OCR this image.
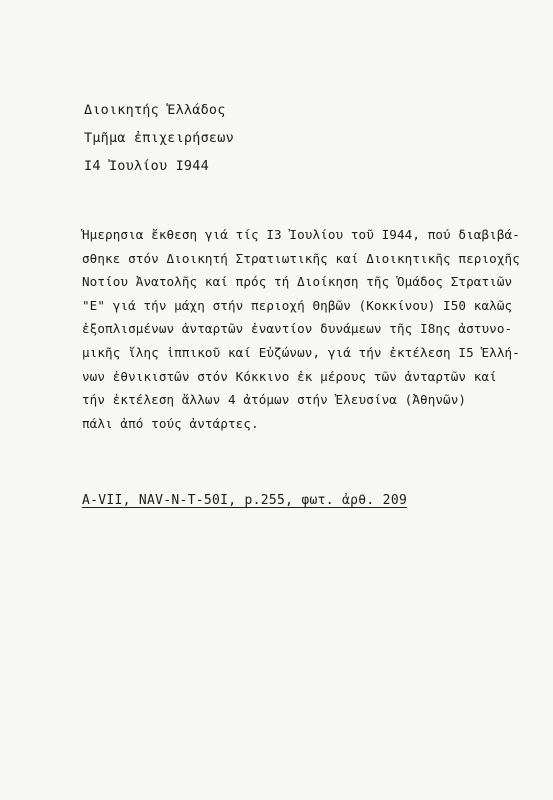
Διοικητής Ἑλλάδος
Τμῆμα ἐπιχειρήσεων
Ι4 Ἰουλίου Ι944
Ἡμερησια ἔκθεση γιά τίς Ι3 Ἰουλίου τοῦ Ι944, πού διαβιβά-
σθηκε στόν Διοικητή Στρατιωτικῆς καί Διοικητικῆς περιοχῆς
Νοτίου Ἀνατολῆς καί πρός τή Διοίκηση τῆς Ὁμάδος Στρατιῶν
"Ε" γιά τήν μάχη στήν περιοχή Θηβῶν (Κοκκίνου) Ι50 καλῶς
ἐξοπλισμένων ἀνταρτῶν ἐναντίον δυνάμεων τῆς Ι8ης ἀστυνο-
μικῆς ἴλης ἱππικοῦ καί Εὐζώνων, γιά τήν ἐκτέλεση Ι5 Ἑλλή-
νων ἐθνικιστῶν στόν Κόκκινο ἐκ μέρους τῶν ἀνταρτῶν καί
τήν ἐκτέλεση ἄλλων 4 ἀτόμων στήν Ἐλευσίνα (Ἀθηνῶν)
πάλι ἀπό τούς ἀντάρτες.
A-VII, NAV-N-T-50I, p.255, φωτ. ἀρθ. 209
